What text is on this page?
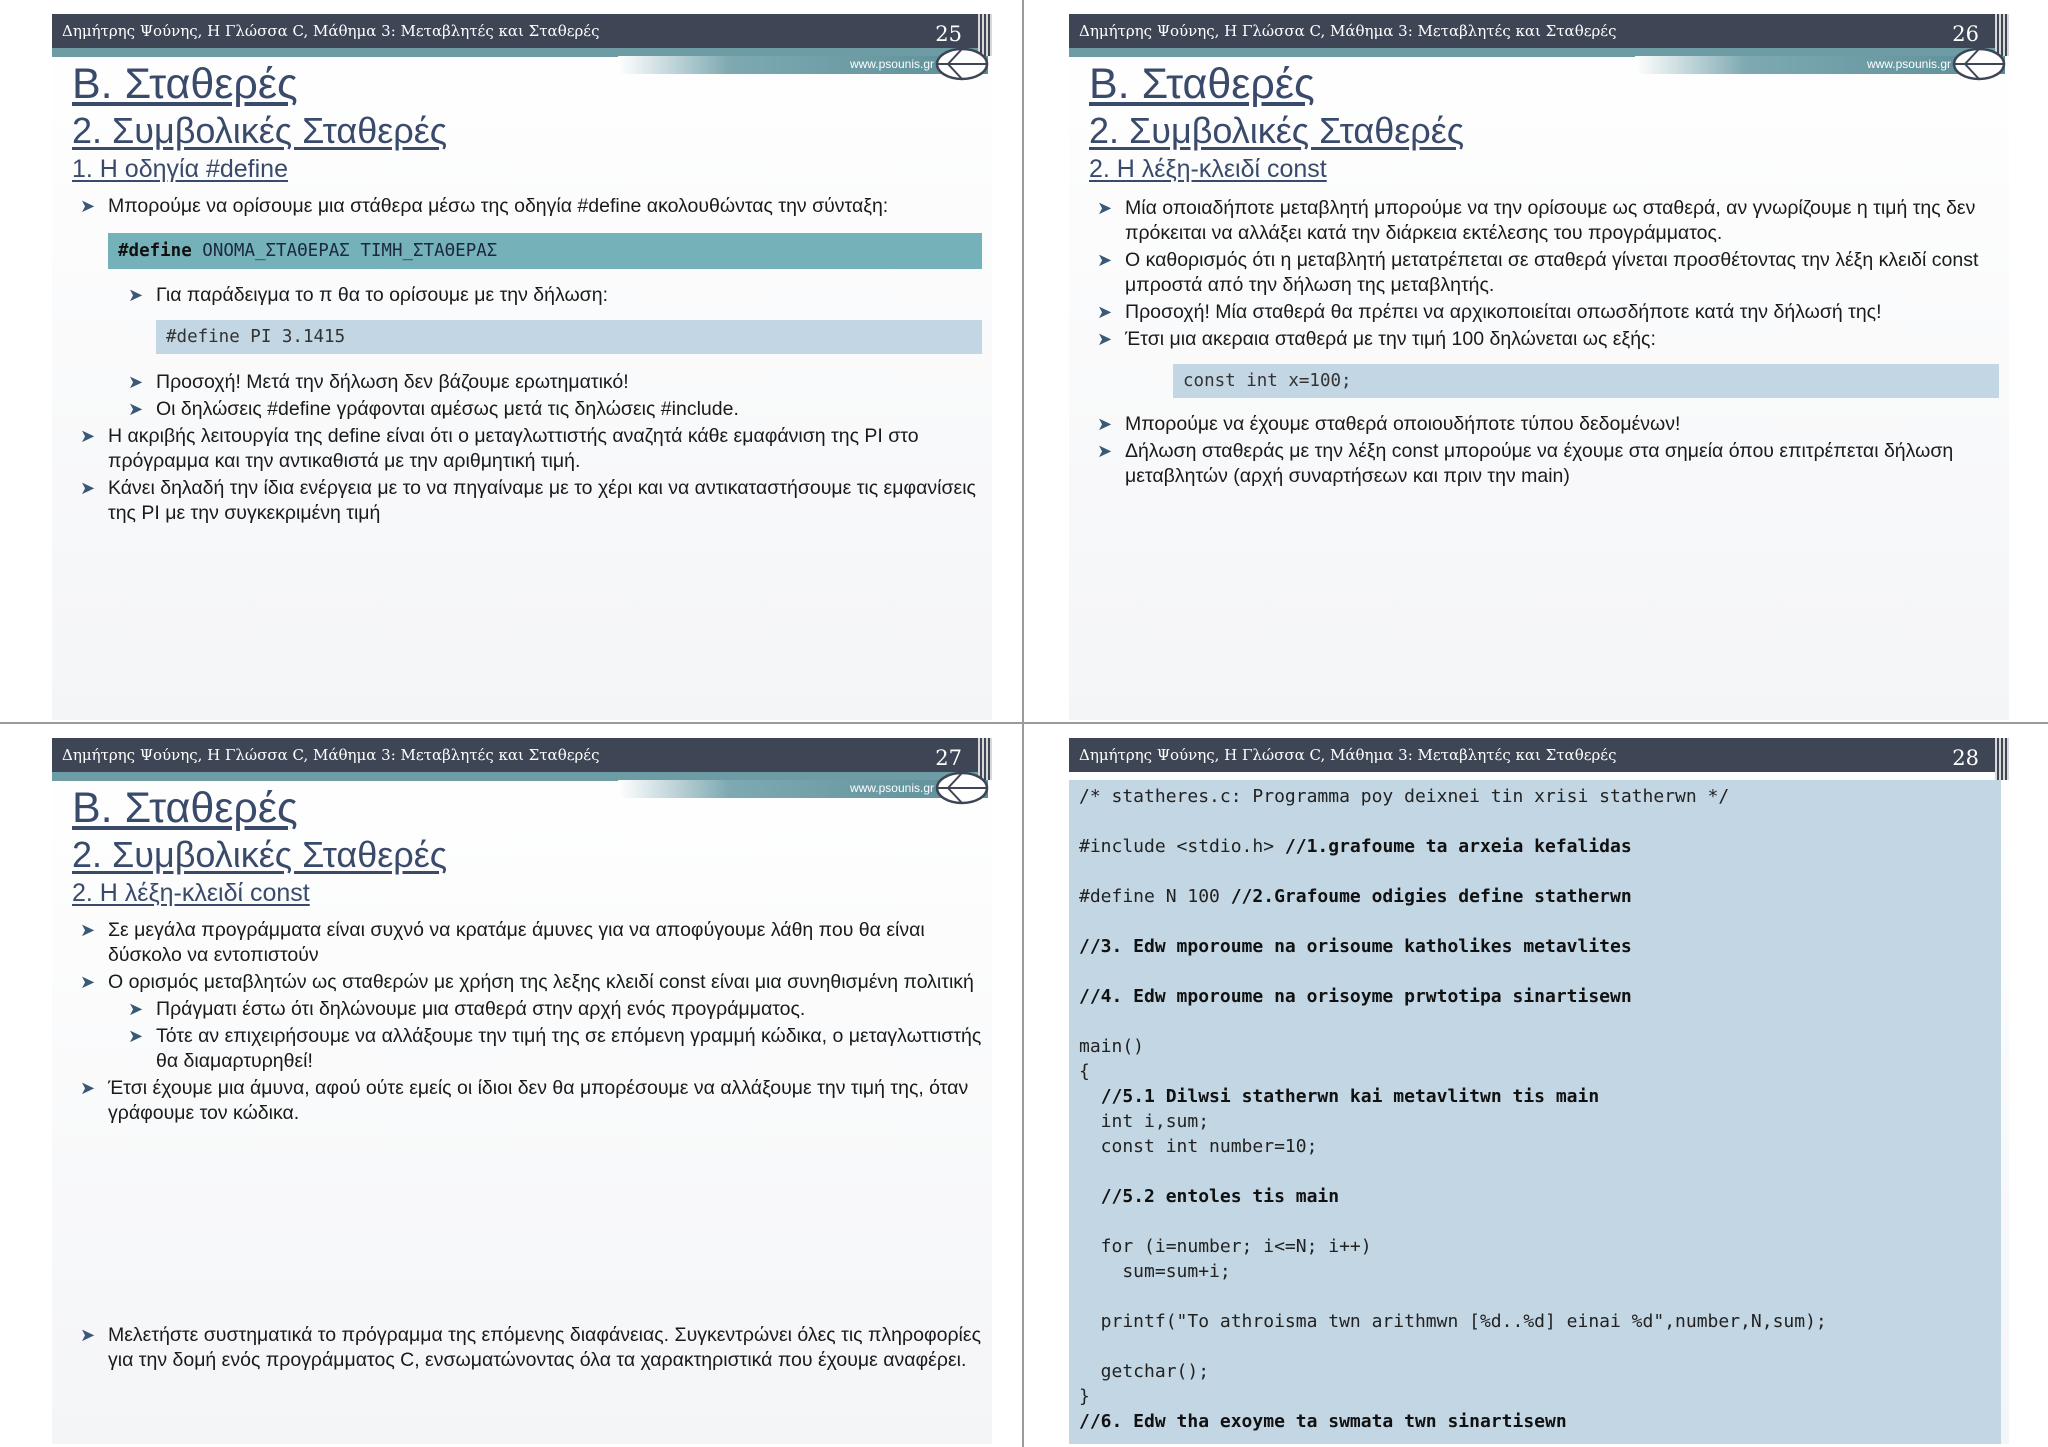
Δημήτρης Ψούνης, Η Γλώσσα C, Μάθημα 3: Μεταβλητές και Σταθερές	25
www.psounis.gr
Β. Σταθερές
2. Συμβολικές Σταθερές
1. Η οδηγία #define
➤ Μπορούμε να ορίσουμε μια στάθερα μέσω της οδηγία #define ακολουθώντας την σύνταξη:
#define ΟΝΟΜΑ_ΣΤΑΘΕΡΑΣ ΤΙΜΗ_ΣΤΑΘΕΡΑΣ
➤ Για παράδειγμα το π θα το ορίσουμε με την δήλωση:
#define PI 3.1415
➤ Προσοχή! Μετά την δήλωση δεν βάζουμε ερωτηματικό!
➤ Οι δηλώσεις #define γράφονται αμέσως μετά τις δηλώσεις #include.
➤ Η ακριβής λειτουργία της define είναι ότι ο μεταγλωττιστής αναζητά κάθε εμαφάνιση της PI στο πρόγραμμα και την αντικαθιστά με την αριθμητική τιμή.
➤ Κάνει δηλαδή την ίδια ενέργεια με το να πηγαίναμε με το χέρι και να αντικαταστήσουμε τις εμφανίσεις της PI με την συγκεκριμένη τιμή
Δημήτρης Ψούνης, Η Γλώσσα C, Μάθημα 3: Μεταβλητές και Σταθερές	26
www.psounis.gr
Β. Σταθερές
2. Συμβολικές Σταθερές
2. Η λέξη-κλειδί const
➤ Μία οποιαδήποτε μεταβλητή μπορούμε να την ορίσουμε ως σταθερά, αν γνωρίζουμε η τιμή της δεν πρόκειται να αλλάξει κατά την διάρκεια εκτέλεσης του προγράμματος.
➤ Ο καθορισμός ότι η μεταβλητή μετατρέπεται σε σταθερά γίνεται προσθέτοντας την λέξη κλειδί const μπροστά από την δήλωση της μεταβλητής.
➤ Προσοχή! Μία σταθερά θα πρέπει να αρχικοποιείται οπωσδήποτε κατά την δήλωσή της!
➤ Έτσι μια ακεραια σταθερά με την τιμή 100 δηλώνεται ως εξής:
const int x=100;
➤ Μπορούμε να έχουμε σταθερά οποιουδήποτε τύπου δεδομένων!
➤ Δήλωση σταθεράς με την λέξη const μπορούμε να έχουμε στα σημεία όπου επιτρέπεται δήλωση μεταβλητών (αρχή συναρτήσεων και πριν την main)
Δημήτρης Ψούνης, Η Γλώσσα C, Μάθημα 3: Μεταβλητές και Σταθερές	27
www.psounis.gr
Β. Σταθερές
2. Συμβολικές Σταθερές
2. Η λέξη-κλειδί const
➤ Σε μεγάλα προγράμματα είναι συχνό να κρατάμε άμυνες για να αποφύγουμε λάθη που θα είναι δύσκολο να εντοπιστούν
➤ Ο ορισμός μεταβλητών ως σταθερών με χρήση της λεξης κλειδί const είναι μια συνηθισμένη πολιτική
➤ Πράγματι έστω ότι δηλώνουμε μια σταθερά στην αρχή ενός προγράμματος.
➤ Τότε αν επιχειρήσουμε να αλλάξουμε την τιμή της σε επόμενη γραμμή κώδικα, ο μεταγλωττιστής θα διαμαρτυρηθεί!
➤ Έτσι έχουμε μια άμυνα, αφού ούτε εμείς οι ίδιοι δεν θα μπορέσουμε να αλλάξουμε την τιμή της, όταν γράφουμε τον κώδικα.
➤ Μελετήστε συστηματικά το πρόγραμμα της επόμενης διαφάνειας. Συγκεντρώνει όλες τις πληροφορίες για την δομή ενός προγράμματος C, ενσωματώνοντας όλα τα χαρακτηριστικά που έχουμε αναφέρει.
Δημήτρης Ψούνης, Η Γλώσσα C, Μάθημα 3: Μεταβλητές και Σταθερές	28
/* statheres.c: Programma poy deixnei tin xrisi statherwn */
#include <stdio.h> //1.grafoume ta arxeia kefalidas
#define N 100 //2.Grafoume odigies define statherwn
//3. Edw mporoume na orisoume katholikes metavlites
//4. Edw mporoume na orisoyme prwtotipa sinartisewn
main()
{
//5.1 Dilwsi statherwn kai metavlitwn tis main
int i,sum;
const int number=10;
//5.2 entoles tis main
for (i=number; i<=N; i++)
sum=sum+i;
printf("To athroisma twn arithmwn [%d..%d] einai %d",number,N,sum);
getchar();
}
//6. Edw tha exoyme ta swmata twn sinartisewn
